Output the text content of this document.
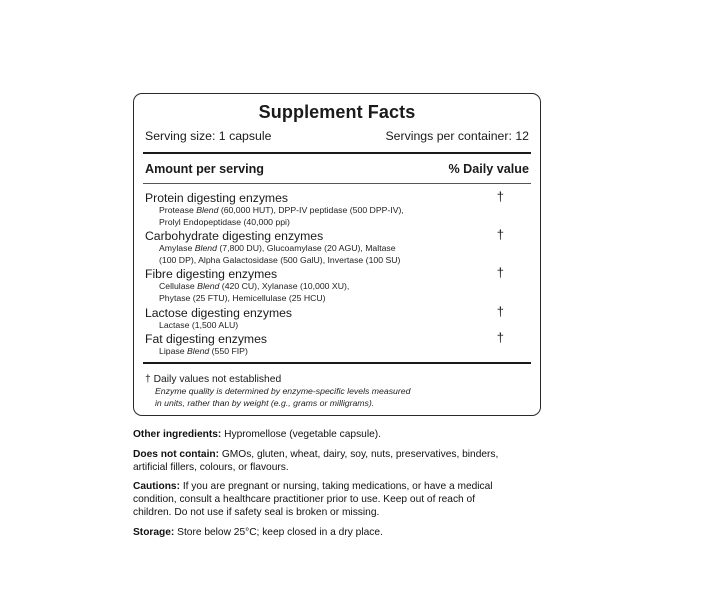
Supplement Facts
Serving size: 1 capsule	Servings per container: 12
Amount per serving	% Daily value
Protein digesting enzymes	†
Protease Blend (60,000 HUT), DPP-IV peptidase (500 DPP-IV),
Prolyl Endopeptidase (40,000 ppi)
Carbohydrate digesting enzymes	†
Amylase Blend (7,800 DU), Glucoamylase (20 AGU), Maltase
(100 DP), Alpha Galactosidase (500 GalU), Invertase (100 SU)
Fibre digesting enzymes	†
Cellulase Blend (420 CU), Xylanase (10,000 XU),
Phytase (25 FTU), Hemicellulase (25 HCU)
Lactose digesting enzymes	†
Lactase (1,500 ALU)
Fat digesting enzymes	†
Lipase Blend (550 FIP)
† Daily values not established
Enzyme quality is determined by enzyme-specific levels measured
in units, rather than by weight (e.g., grams or milligrams).
Other ingredients: Hypromellose (vegetable capsule).
Does not contain: GMOs, gluten, wheat, dairy, soy, nuts, preservatives, binders,
artificial fillers, colours, or flavours.
Cautions: If you are pregnant or nursing, taking medications, or have a medical
condition, consult a healthcare practitioner prior to use. Keep out of reach of
children. Do not use if safety seal is broken or missing.
Storage: Store below 25°C; keep closed in a dry place.
